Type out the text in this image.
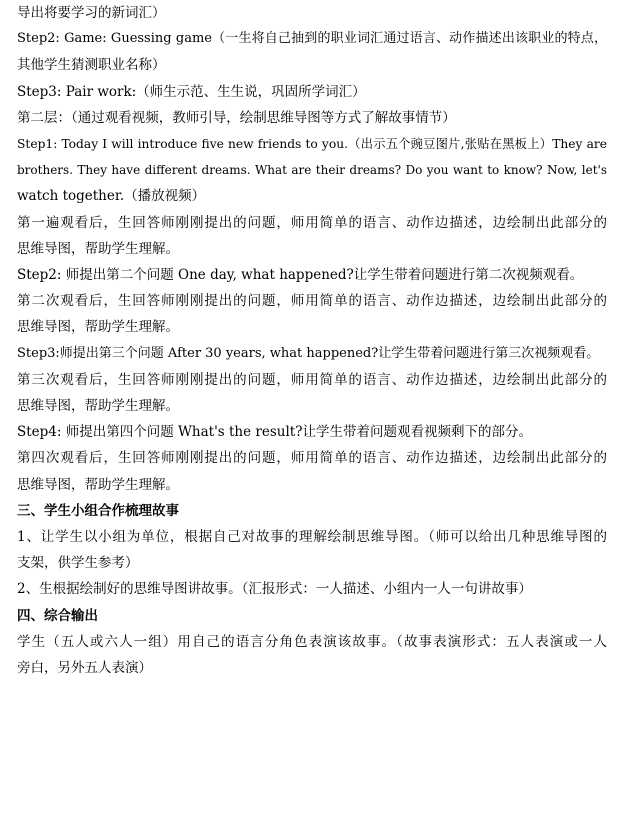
导出将要学习的新词汇）
Step2: Game: Guessing game（一生将自己抽到的职业词汇通过语言、动作描述出该职业的特点，
其他学生猜测职业名称）
Step3: Pair work:（师生示范、生生说，巩固所学词汇）
第二层：（通过观看视频，教师引导，绘制思维导图等方式了解故事情节）
Step1: Today I will introduce five new friends to you.（出示五个豌豆图片,张贴在黑板上）They are
brothers. They have different dreams. What are their dreams? Do you want to know? Now, let's
watch together.（播放视频）
第一遍观看后，生回答师刚刚提出的问题，师用简单的语言、动作边描述，边绘制出此部分的
思维导图，帮助学生理解。
Step2: 师提出第二个问题 One day, what happened?让学生带着问题进行第二次视频观看。
第二次观看后，生回答师刚刚提出的问题，师用简单的语言、动作边描述，边绘制出此部分的
思维导图，帮助学生理解。
Step3:师提出第三个问题 After 30 years, what happened?让学生带着问题进行第三次视频观看。
第三次观看后，生回答师刚刚提出的问题，师用简单的语言、动作边描述，边绘制出此部分的
思维导图，帮助学生理解。
Step4: 师提出第四个问题 What's the result?让学生带着问题观看视频剩下的部分。
第四次观看后，生回答师刚刚提出的问题，师用简单的语言、动作边描述，边绘制出此部分的
思维导图，帮助学生理解。
三、学生小组合作梳理故事
1、让学生以小组为单位，根据自己对故事的理解绘制思维导图。（师可以给出几种思维导图的
支架，供学生参考）
2、生根据绘制好的思维导图讲故事。（汇报形式：一人描述、小组内一人一句讲故事）
四、综合输出
学生（五人或六人一组）用自己的语言分角色表演该故事。（故事表演形式：五人表演或一人
旁白，另外五人表演）
